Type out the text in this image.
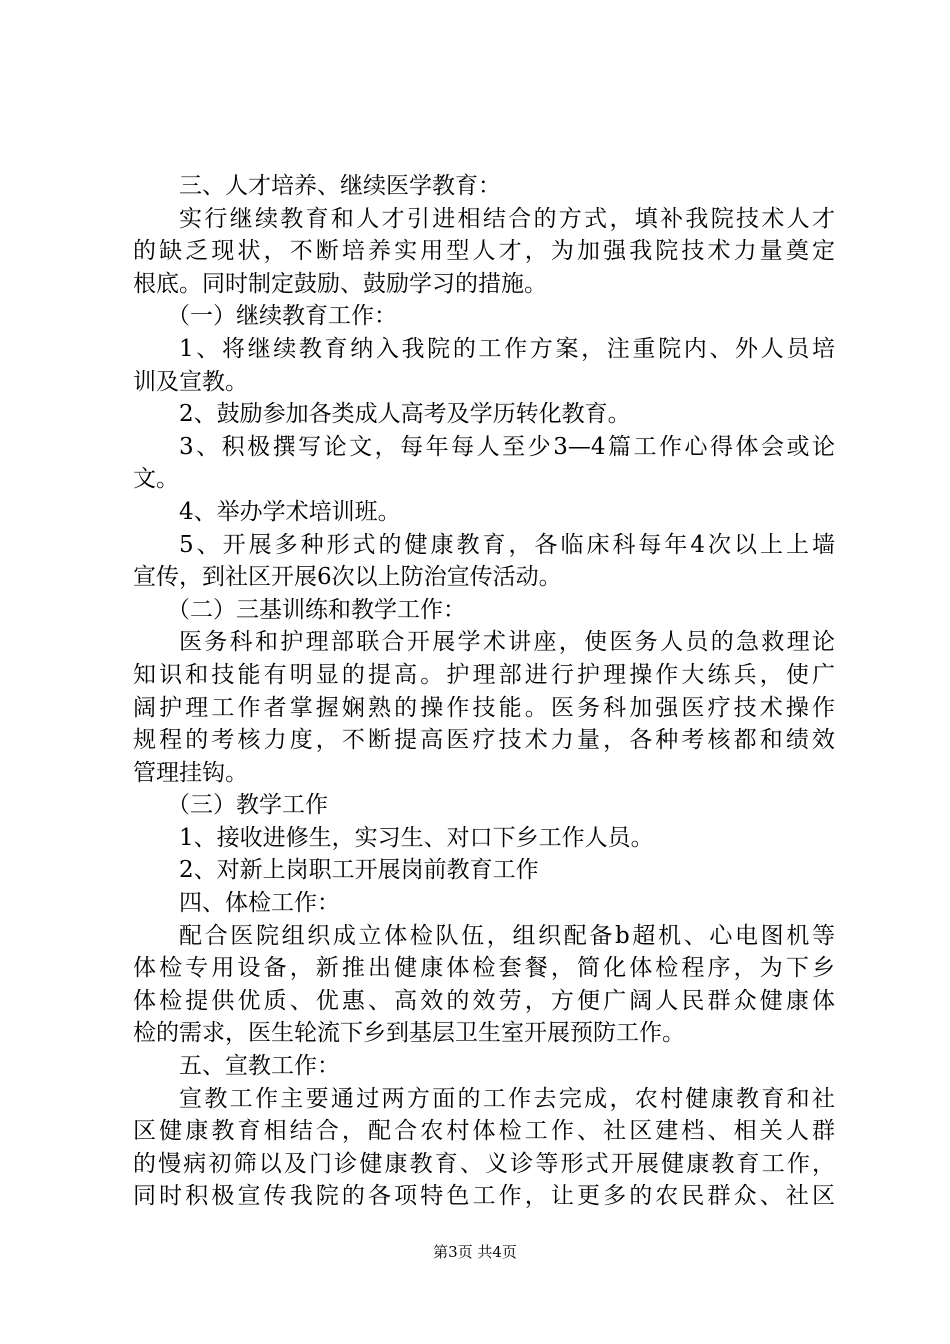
三、人才培养、继续医学教育：
实行继续教育和人才引进相结合的方式，填补我院技术人才
的缺乏现状，不断培养实用型人才，为加强我院技术力量奠定
根底。同时制定鼓励、鼓励学习的措施。
（一）继续教育工作：
1、将继续教育纳入我院的工作方案，注重院内、外人员培
训及宣教。
2、鼓励参加各类成人高考及学历转化教育。
3、积极撰写论文，每年每人至少3—4篇工作心得体会或论
文。
4、举办学术培训班。
5、开展多种形式的健康教育，各临床科每年4次以上上墙
宣传，到社区开展6次以上防治宣传活动。
（二）三基训练和教学工作：
医务科和护理部联合开展学术讲座，使医务人员的急救理论
知识和技能有明显的提高。护理部进行护理操作大练兵，使广
阔护理工作者掌握娴熟的操作技能。医务科加强医疗技术操作
规程的考核力度，不断提高医疗技术力量，各种考核都和绩效
管理挂钩。
（三）教学工作
1、接收进修生，实习生、对口下乡工作人员。
2、对新上岗职工开展岗前教育工作
四、体检工作：
配合医院组织成立体检队伍，组织配备b超机、心电图机等
体检专用设备，新推出健康体检套餐，简化体检程序，为下乡
体检提供优质、优惠、高效的效劳，方便广阔人民群众健康体
检的需求，医生轮流下乡到基层卫生室开展预防工作。
五、宣教工作：
宣教工作主要通过两方面的工作去完成，农村健康教育和社
区健康教育相结合，配合农村体检工作、社区建档、相关人群
的慢病初筛以及门诊健康教育、义诊等形式开展健康教育工作，
同时积极宣传我院的各项特色工作，让更多的农民群众、社区
第3页 共4页
